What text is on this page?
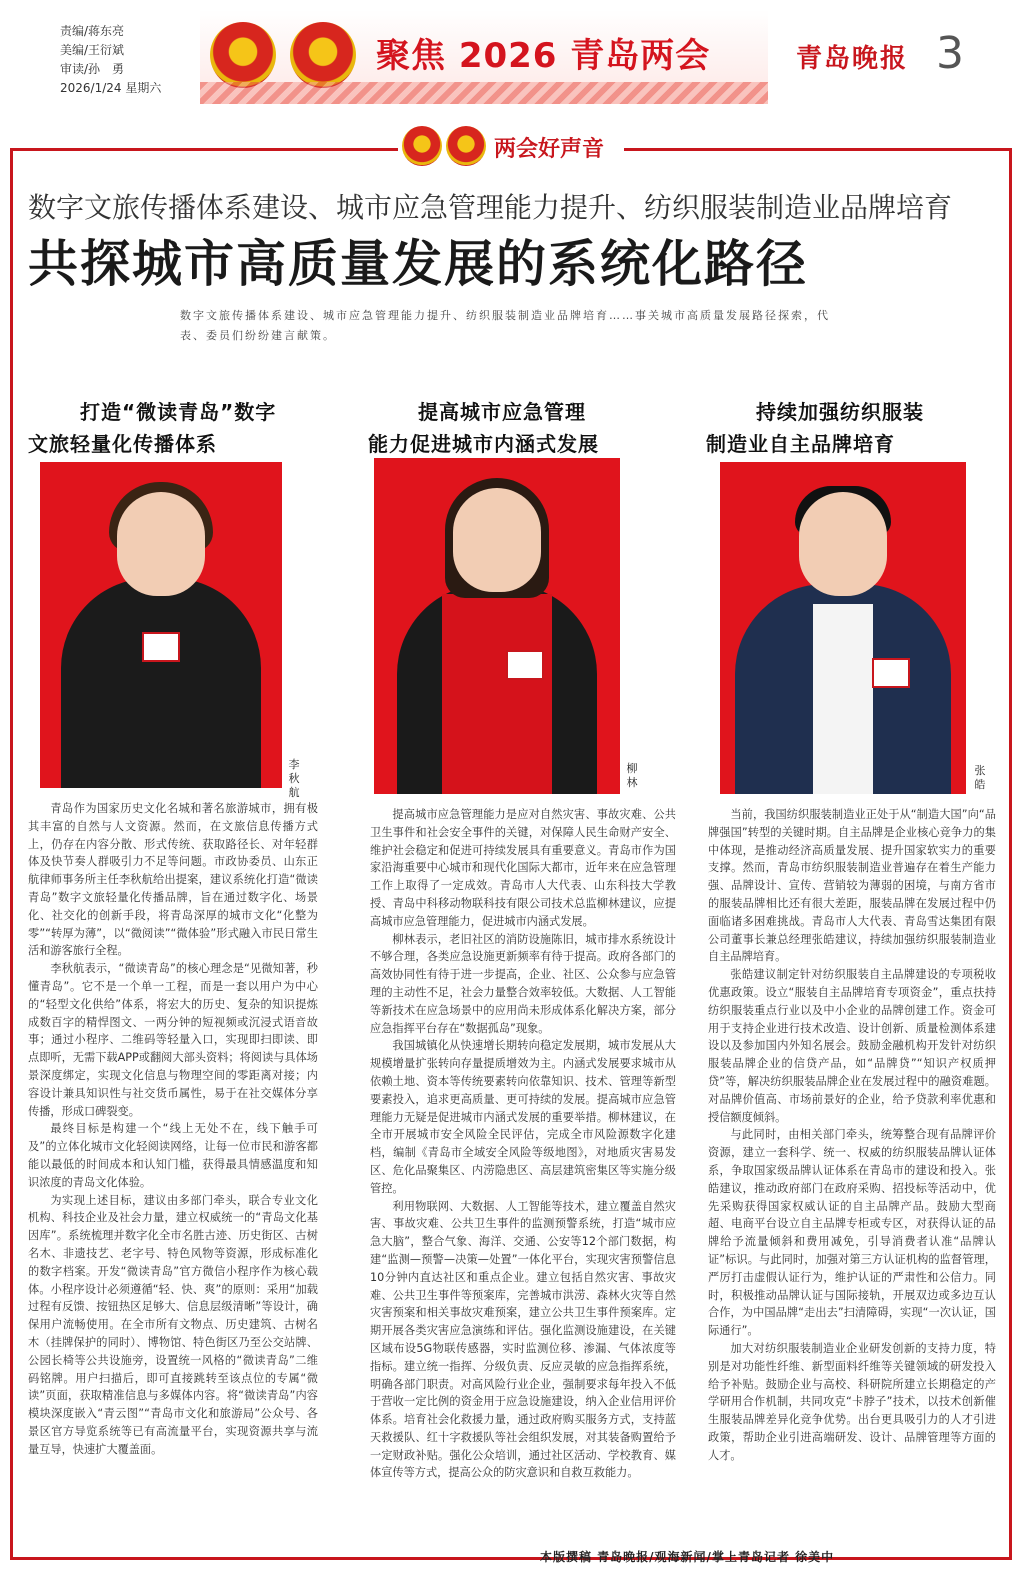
责编/蒋东亮
美编/王衍斌
审读/孙　勇
2026/1/24 星期六
聚焦 2026 青岛两会	青岛晚报 3
两会好声音
数字文旅传播体系建设、城市应急管理能力提升、纺织服装制造业品牌培育
共探城市高质量发展的系统化路径
数字文旅传播体系建设、城市应急管理能力提升、纺织服装制造业品牌培育……事关城市高质量发展路径探索，代表、委员们纷纷建言献策。
打造“微读青岛”数字
文旅轻量化传播体系
提高城市应急管理
能力促进城市内涵式发展
持续加强纺织服装
制造业自主品牌培育
李秋航
柳林
张皓

青岛作为国家历史文化名城和著名旅游城市，拥有极其丰富的自然与人文资源。然而，在文旅信息传播方式上，仍存在内容分散、形式传统、获取路径长、对年轻群体及快节奏人群吸引力不足等问题。市政协委员、山东正航律师事务所主任李秋航给出提案，建议系统化打造“微读青岛”数字文旅轻量化传播品牌，旨在通过数字化、场景化、社交化的创新手段，将青岛深厚的城市文化“化整为零”“转厚为薄”，以“微阅读”“微体验”形式融入市民日常生活和游客旅行全程。

李秋航表示，“微读青岛”的核心理念是“见微知著，秒懂青岛”。它不是一个单一工程，而是一套以用户为中心的“轻型文化供给”体系，将宏大的历史、复杂的知识提炼成数百字的精悍图文、一两分钟的短视频或沉浸式语音故事；通过小程序、二维码等轻量入口，实现即扫即读、即点即听，无需下载APP或翻阅大部头资料；将阅读与具体场景深度绑定，实现文化信息与物理空间的零距离对接；内容设计兼具知识性与社交货币属性，易于在社交媒体分享传播，形成口碑裂变。

最终目标是构建一个“线上无处不在，线下触手可及”的立体化城市文化轻阅读网络，让每一位市民和游客都能以最低的时间成本和认知门槛，获得最具情感温度和知识浓度的青岛文化体验。

为实现上述目标，建议由多部门牵头，联合专业文化机构、科技企业及社会力量，建立权威统一的“青岛文化基因库”。系统梳理并数字化全市名胜古迹、历史街区、古树名木、非遗技艺、老字号、特色风物等资源，形成标准化的数字档案。开发“微读青岛”官方微信小程序作为核心载体。小程序设计必须遵循“轻、快、爽”的原则：采用“加载过程有反馈、按钮热区足够大、信息层级清晰”等设计，确保用户流畅使用。在全市所有文物点、历史建筑、古树名木（挂牌保护的同时）、博物馆、特色街区乃至公交站牌、公园长椅等公共设施旁，设置统一风格的“微读青岛”二维码铭牌。用户扫描后，即可直接跳转至该点位的专属“微读”页面，获取精准信息与多媒体内容。将“微读青岛”内容模块深度嵌入“青云图”“青岛市文化和旅游局”公众号、各景区官方导览系统等已有高流量平台，实现资源共享与流量互导，快速扩大覆盖面。

提高城市应急管理能力是应对自然灾害、事故灾难、公共卫生事件和社会安全事件的关键，对保障人民生命财产安全、维护社会稳定和促进可持续发展具有重要意义。青岛市作为国家沿海重要中心城市和现代化国际大都市，近年来在应急管理工作上取得了一定成效。青岛市人大代表、山东科技大学教授、青岛中科移动物联科技有限公司技术总监柳林建议，应提高城市应急管理能力，促进城市内涵式发展。

柳林表示，老旧社区的消防设施陈旧，城市排水系统设计不够合理，各类应急设施更新频率有待于提高。政府各部门的高效协同性有待于进一步提高，企业、社区、公众参与应急管理的主动性不足，社会力量整合效率较低。大数据、人工智能等新技术在应急场景中的应用尚未形成体系化解决方案，部分应急指挥平台存在“数据孤岛”现象。

我国城镇化从快速增长期转向稳定发展期，城市发展从大规模增量扩张转向存量提质增效为主。内涵式发展要求城市从依赖土地、资本等传统要素转向依靠知识、技术、管理等新型要素投入，追求更高质量、更可持续的发展。提高城市应急管理能力无疑是促进城市内涵式发展的重要举措。柳林建议，在全市开展城市安全风险全民评估，完成全市风险源数字化建档，编制《青岛市全域安全风险等级地图》，对地质灾害易发区、危化品聚集区、内涝隐患区、高层建筑密集区等实施分级管控。

利用物联网、大数据、人工智能等技术，建立覆盖自然灾害、事故灾难、公共卫生事件的监测预警系统，打造“城市应急大脑”，整合气象、海洋、交通、公安等12个部门数据，构建“监测—预警—决策—处置”一体化平台，实现灾害预警信息10分钟内直达社区和重点企业。建立包括自然灾害、事故灾难、公共卫生事件等预案库，完善城市洪涝、森林火灾等自然灾害预案和相关事故灾难预案，建立公共卫生事件预案库。定期开展各类灾害应急演练和评估。强化监测设施建设，在关键区域布设5G物联传感器，实时监测位移、渗漏、气体浓度等指标。建立统一指挥、分级负责、反应灵敏的应急指挥系统，明确各部门职责。对高风险行业企业，强制要求每年投入不低于营收一定比例的资金用于应急设施建设，纳入企业信用评价体系。培育社会化救援力量，通过政府购买服务方式，支持蓝天救援队、红十字救援队等社会组织发展，对其装备购置给予一定财政补贴。强化公众培训，通过社区活动、学校教育、媒体宣传等方式，提高公众的防灾意识和自救互救能力。

当前，我国纺织服装制造业正处于从“制造大国”向“品牌强国”转型的关键时期。自主品牌是企业核心竞争力的集中体现，是推动经济高质量发展、提升国家软实力的重要支撑。然而，青岛市纺织服装制造业普遍存在着生产能力强、品牌设计、宣传、营销较为薄弱的困境，与南方省市的服装品牌相比还有很大差距，服装品牌在发展过程中仍面临诸多困难挑战。青岛市人大代表、青岛雪达集团有限公司董事长兼总经理张皓建议，持续加强纺织服装制造业自主品牌培育。

张皓建议制定针对纺织服装自主品牌建设的专项税收优惠政策。设立“服装自主品牌培育专项资金”，重点扶持纺织服装重点行业以及中小企业的品牌创建工作。资金可用于支持企业进行技术改造、设计创新、质量检测体系建设以及参加国内外知名展会。鼓励金融机构开发针对纺织服装品牌企业的信贷产品，如“品牌贷”“知识产权质押贷”等，解决纺织服装品牌企业在发展过程中的融资难题。对品牌价值高、市场前景好的企业，给予贷款利率优惠和授信额度倾斜。

与此同时，由相关部门牵头，统筹整合现有品牌评价资源，建立一套科学、统一、权威的纺织服装品牌认证体系，争取国家级品牌认证体系在青岛市的建设和投入。张皓建议，推动政府部门在政府采购、招投标等活动中，优先采购获得国家权威认证的自主品牌产品。鼓励大型商超、电商平台设立自主品牌专柜或专区，对获得认证的品牌给予流量倾斜和费用减免，引导消费者认准“品牌认证”标识。与此同时，加强对第三方认证机构的监督管理，严厉打击虚假认证行为，维护认证的严肃性和公信力。同时，积极推动品牌认证与国际接轨，开展双边或多边互认合作，为中国品牌“走出去”扫清障碍，实现“一次认证，国际通行”。

加大对纺织服装制造业企业研发创新的支持力度，特别是对功能性纤维、新型面料纤维等关键领域的研发投入给予补贴。鼓励企业与高校、科研院所建立长期稳定的产学研用合作机制，共同攻克“卡脖子”技术，以技术创新催生服装品牌差异化竞争优势。出台更具吸引力的人才引进政策，帮助企业引进高端研发、设计、品牌管理等方面的人才。

本版撰稿 青岛晚报/观海新闻/掌上青岛记者 徐美中
